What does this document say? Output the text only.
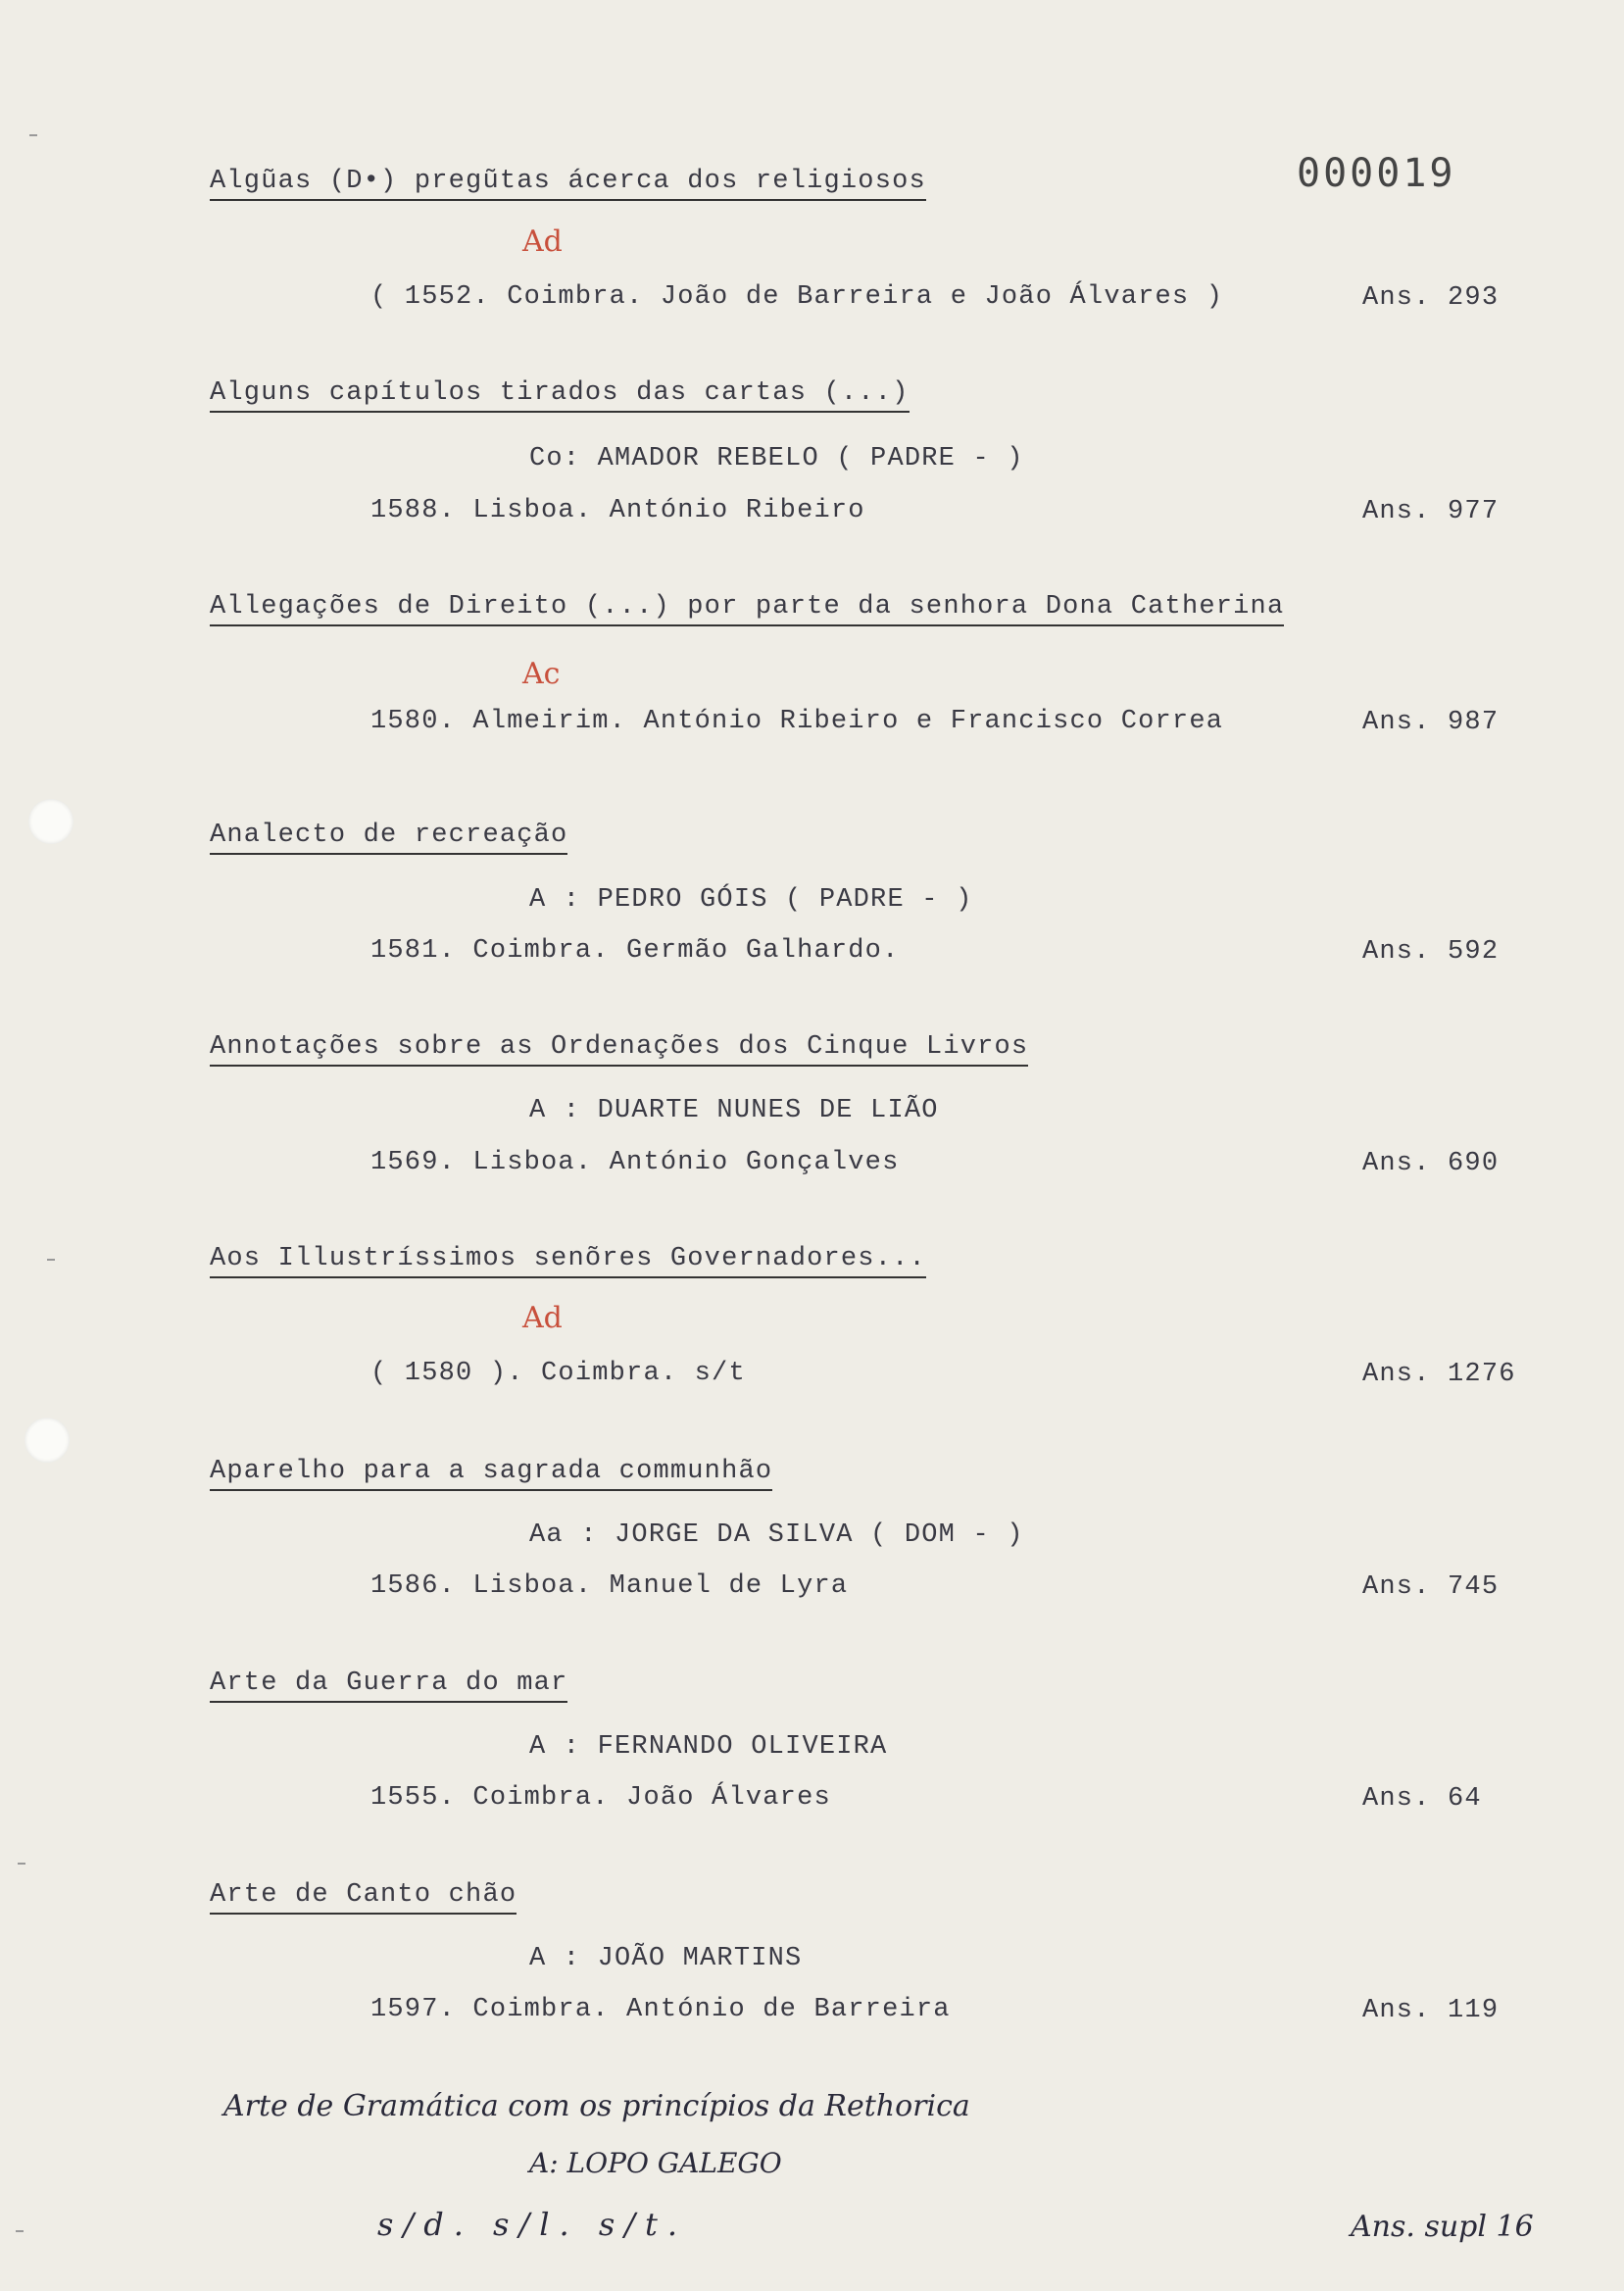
000019
Algũas (D•) pregũtas ácerca dos religiosos
Ad
( 1552. Coimbra. João de Barreira e João Álvares )	Ans. 293
Alguns capítulos tirados das cartas (...)
Co: AMADOR REBELO ( PADRE - )
1588. Lisboa. António Ribeiro	Ans. 977
Allegações de Direito (...) por parte da senhora Dona Catherina
Ac
1580. Almeirim. António Ribeiro e Francisco Correa	Ans. 987
Analecto de recreação
A : PEDRO GÓIS ( PADRE - )
1581. Coimbra. Germão Galhardo.	Ans. 592
Annotações sobre as Ordenações dos Cinque Livros
A : DUARTE NUNES DE LIÃO
1569. Lisboa. António Gonçalves	Ans. 690
Aos Illustríssimos senõres Governadores...
Ad
( 1580 ). Coimbra. s/t	Ans. 1276
Aparelho para a sagrada communhão
Aa : JORGE DA SILVA ( DOM - )
1586. Lisboa. Manuel de Lyra	Ans. 745
Arte da Guerra do mar
A : FERNANDO OLIVEIRA
1555. Coimbra. João Álvares	Ans. 64
Arte de Canto chão
A : JOÃO MARTINS
1597. Coimbra. António de Barreira	Ans. 119
Arte de Gramática com os princípios da Rethorica
A: LOPO GALEGO
s/d. s/l. s/t.	Ans. supl 16
